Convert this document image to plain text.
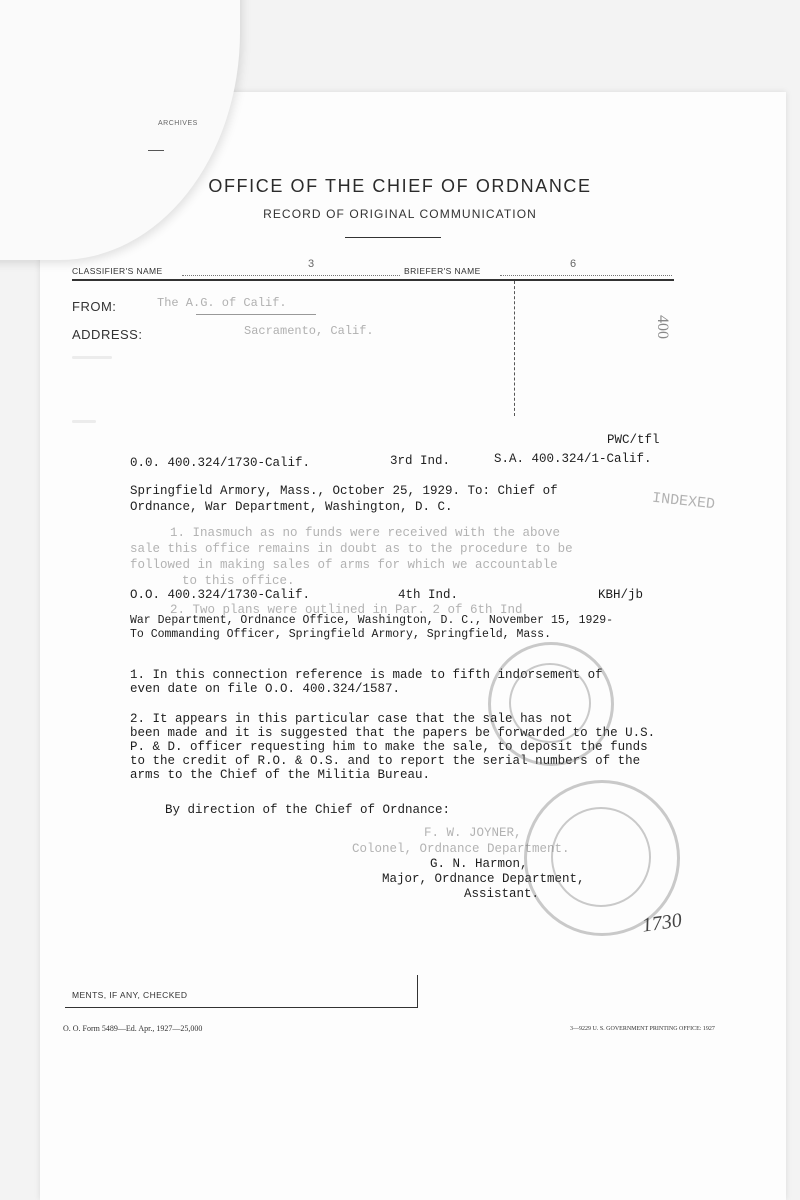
ARCHIVES
OFFICE OF THE CHIEF OF ORDNANCE
RECORD OF ORIGINAL COMMUNICATION
CLASSIFIER'S NAME
3
BRIEFER'S NAME
6
FROM:	The A.G. of Calif.
ADDRESS:	Sacramento, Calif.	400
PWC/tfl
0.0. 400.324/1730-Calif.	3rd Ind.	S.A. 400.324/1-Calif.
Springfield Armory, Mass., October 25, 1929. To: Chief of
Ordnance, War Department, Washington, D. C.	INDEXED
1. Inasmuch as no funds were received with the above
sale this office remains in doubt as to the procedure to be
followed in making sales of arms for which we accountable
to this office.
O.O. 400.324/1730-Calif.	4th Ind.	KBH/jb
2. Two plans were outlined in Par. 2 of 6th Ind
War Department, Ordnance Office, Washington, D. C., November 15, 1929-
To Commanding Officer, Springfield Armory, Springfield, Mass.
1. In this connection reference is made to fifth indorsement of
even date on file O.O. 400.324/1587.
2. It appears in this particular case that the sale has not
been made and it is suggested that the papers be forwarded to the U.S.
P. & D. officer requesting him to make the sale, to deposit the funds
to the credit of R.O. & O.S. and to report the serial numbers of the
arms to the Chief of the Militia Bureau.
By direction of the Chief of Ordnance:
F. W. JOYNER,
Colonel, Ordnance Department.
G. N. Harmon,
Major, Ordnance Department,
Assistant.
1730
MENTS, IF ANY, CHECKED
O. O. Form 5489—Ed. Apr., 1927—25,000	3—9229 U. S. GOVERNMENT PRINTING OFFICE: 1927
